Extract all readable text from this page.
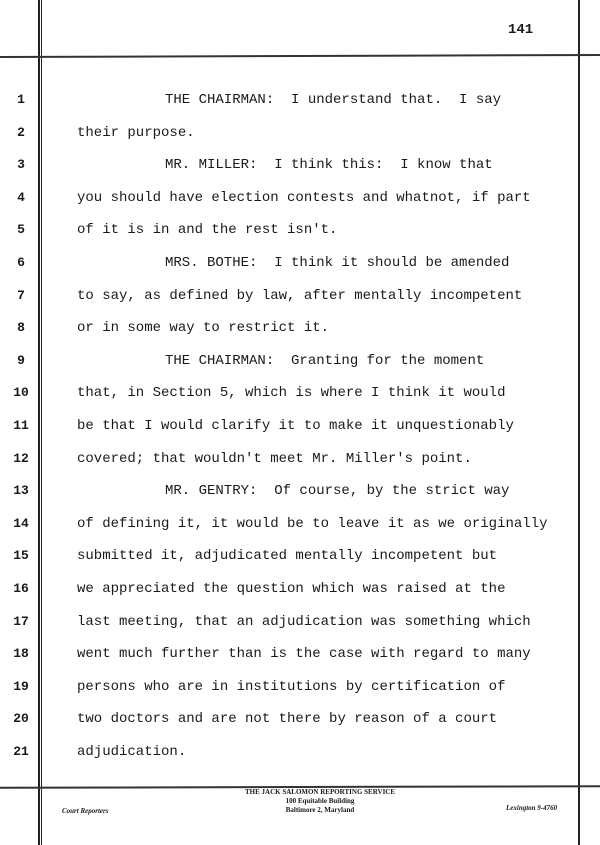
141
1	THE CHAIRMAN:  I understand that.  I say
2	their purpose.
3	MR. MILLER:  I think this:  I know that
4	you should have election contests and whatnot, if part
5	of it is in and the rest isn't.
6	MRS. BOTHE:  I think it should be amended
7	to say, as defined by law, after mentally incompetent
8	or in some way to restrict it.
9	THE CHAIRMAN:  Granting for the moment
10	that, in Section 5, which is where I think it would
11	be that I would clarify it to make it unquestionably
12	covered; that wouldn't meet Mr. Miller's point.
13	MR. GENTRY:  Of course, by the strict way
14	of defining it, it would be to leave it as we originally
15	submitted it, adjudicated mentally incompetent but
16	we appreciated the question which was raised at the
17	last meeting, that an adjudication was something which
18	went much further than is the case with regard to many
19	persons who are in institutions by certification of
20	two doctors and are not there by reason of a court
21	adjudication.
THE JACK SALOMON REPORTING SERVICE
100 Equitable Building
Baltimore 2, Maryland
Court Reporters	Lexington 9-4760
